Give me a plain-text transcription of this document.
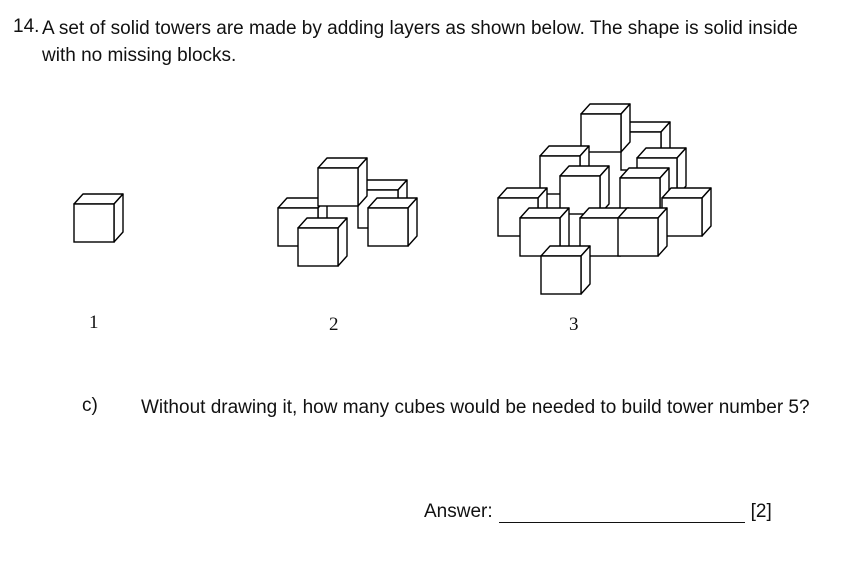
14. A set of solid towers are made by adding layers as shown below. The shape is solid inside with no missing blocks.
1	2	3
c)	Without drawing it, how many cubes would be needed to build tower number 5?
Answer:	[2]
